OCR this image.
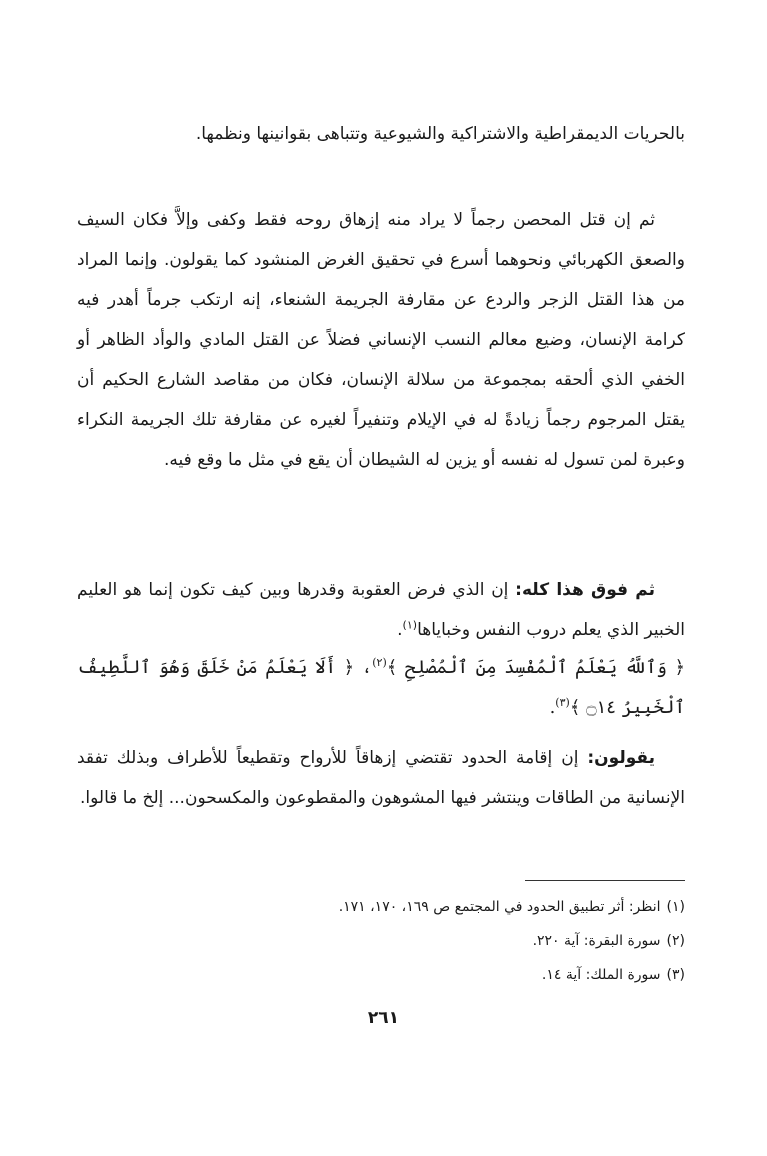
بالحريات الديمقراطية والاشتراكية والشيوعية وتتباهى بقوانينها ونظمها.

ثم إن قتل المحصن رجماً لا يراد منه إزهاق روحه فقط وكفى وإلاَّ فكان السيف والصعق الكهربائي ونحوهما أسرع في تحقيق الغرض المنشود كما يقولون. وإنما المراد من هذا القتل الزجر والردع عن مقارفة الجريمة الشنعاء، إنه ارتكب جرماً أهدر فيه كرامة الإنسان، وضيع معالم النسب الإنساني فضلاً عن القتل المادي والوأد الظاهر أو الخفي الذي ألحقه بمجموعة من سلالة الإنسان، فكان من مقاصد الشارع الحكيم أن يقتل المرجوم رجماً زيادةً له في الإيلام وتنفيراً لغيره عن مقارفة تلك الجريمة النكراء وعبرة لمن تسول له نفسه أو يزين له الشيطان أن يقع في مثل ما وقع فيه.

ثم فوق هذا كله: إن الذي فرض العقوبة وقدرها وبين كيف تكون إنما هو العليم الخبير الذي يعلم دروب النفس وخباياها$^{(١)}$.

﴿ وَٱللَّهُ يَعْلَمُ ٱلْمُفْسِدَ مِنَ ٱلْمُصْلِحِ ﴾$^{(٢)}$، ﴿ أَلَا يَعْلَمُ مَنْ خَلَقَ وَهُوَ ٱللَّطِيفُ ٱلْخَبِيرُ ۝١٤ ﴾$^{(٣)}$.

يقولون: إن إقامة الحدود تقتضي إزهاقاً للأرواح وتقطيعاً للأطراف وبذلك تفقد الإنسانية من الطاقات وينتشر فيها المشوهون والمقطوعون والمكسحون... إلخ ما قالوا.

(١)انظر: أثر تطبيق الحدود في المجتمع ص ١٦٩، ١٧٠، ١٧١.
(٢)سورة البقرة: آية ٢٢٠.
(٣)سورة الملك: آية ١٤.
٢٦١
